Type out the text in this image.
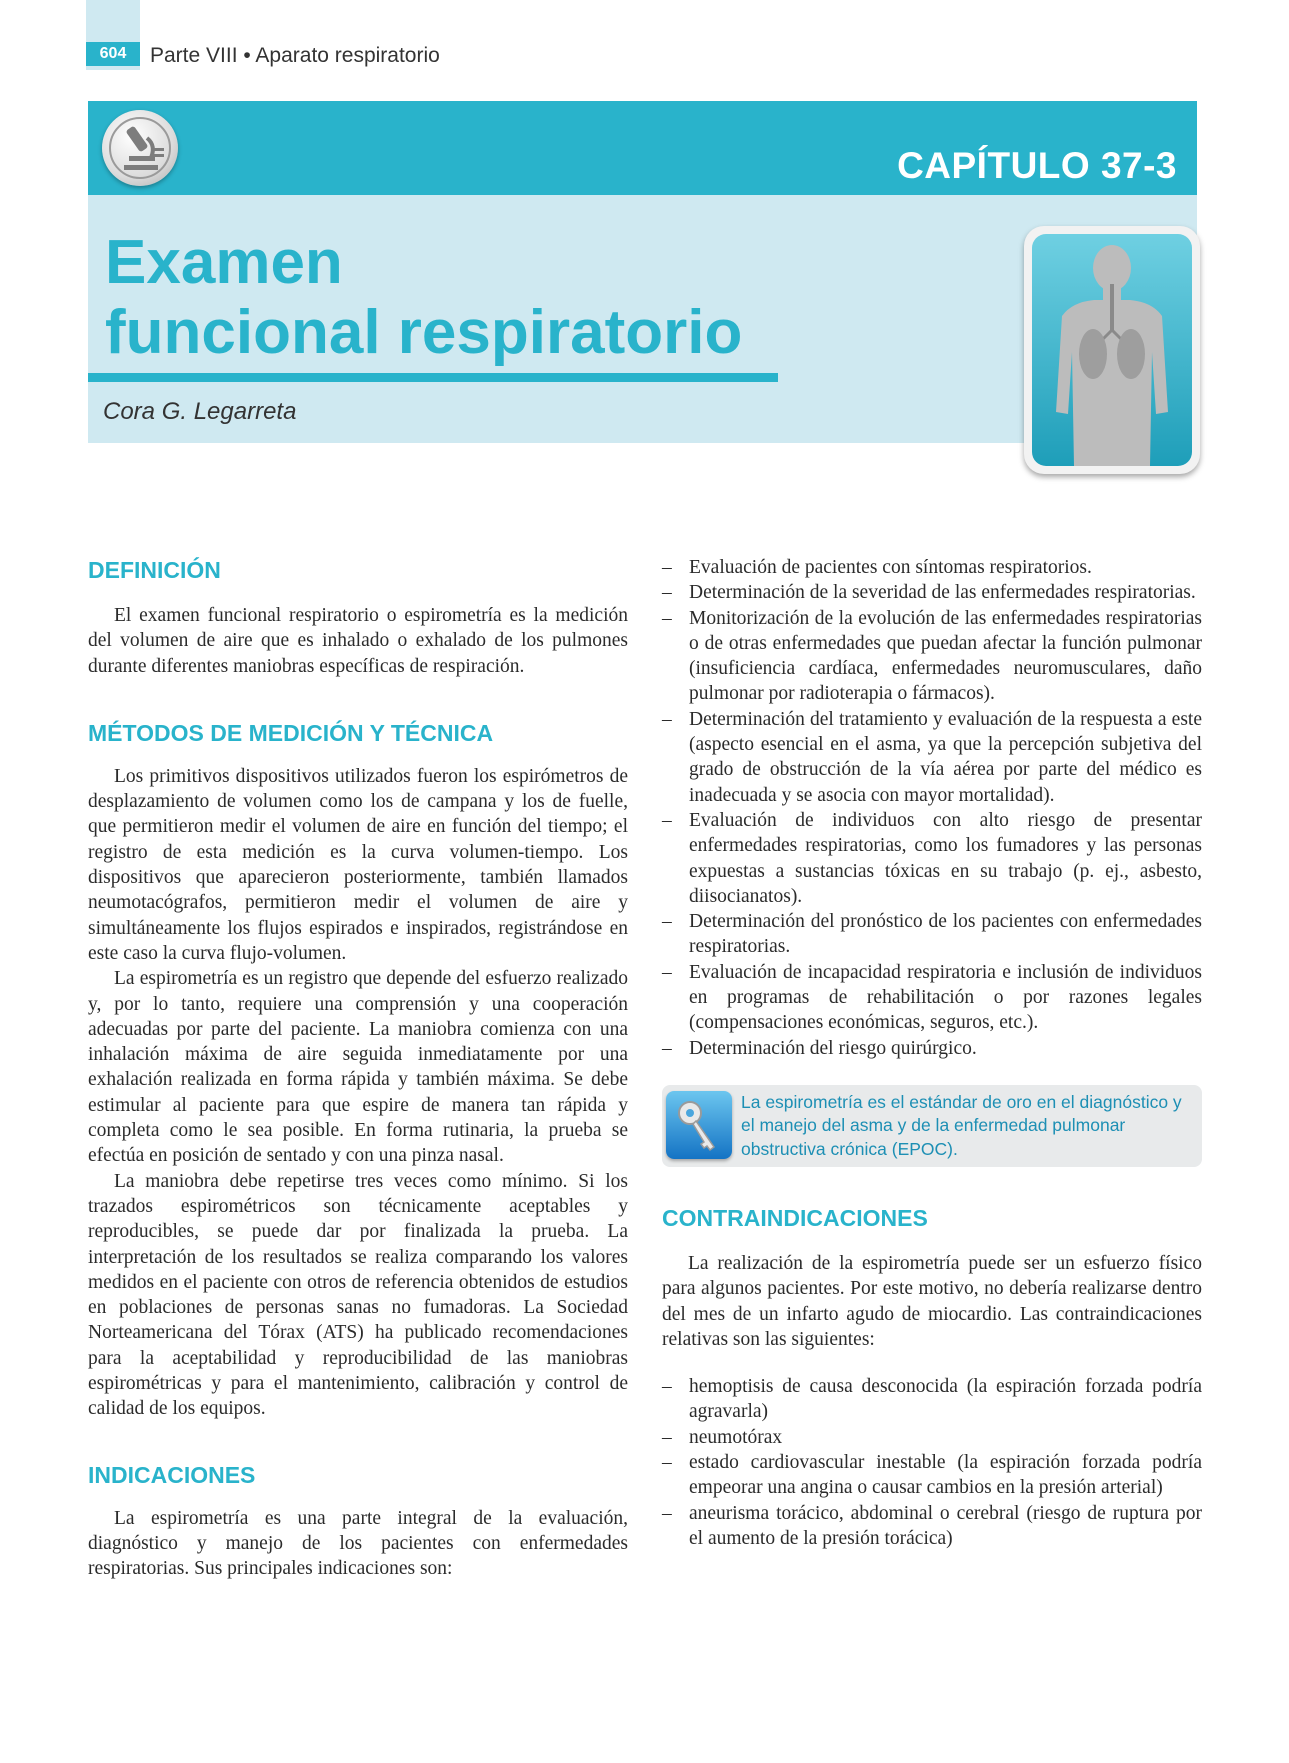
604	Parte VIII • Aparato respiratorio
CAPÍTULO 37-3
Examen
funcional respiratorio
Cora G. Legarreta
DEFINICIÓN

El examen funcional respiratorio o espirometría es la medición del volumen de aire que es inhalado o exhalado de los pulmones durante diferentes maniobras específicas de respiración.

MÉTODOS DE MEDICIÓN Y TÉCNICA

Los primitivos dispositivos utilizados fueron los espirómetros de desplazamiento de volumen como los de campana y los de fuelle, que permitieron medir el volumen de aire en función del tiempo; el registro de esta medición es la curva volumen-tiempo. Los dispositivos que aparecieron posteriormente, también llamados neumotacógrafos, permitieron medir el volumen de aire y simultáneamente los flujos espirados e inspirados, registrándose en este caso la curva flujo-volumen.

La espirometría es un registro que depende del esfuerzo realizado y, por lo tanto, requiere una comprensión y una cooperación adecuadas por parte del paciente. La maniobra comienza con una inhalación máxima de aire seguida inmediatamente por una exhalación realizada en forma rápida y también máxima. Se debe estimular al paciente para que espire de manera tan rápida y completa como le sea posible. En forma rutinaria, la prueba se efectúa en posición de sentado y con una pinza nasal.

La maniobra debe repetirse tres veces como mínimo. Si los trazados espirométricos son técnicamente aceptables y reproducibles, se puede dar por finalizada la prueba. La interpretación de los resultados se realiza comparando los valores medidos en el paciente con otros de referencia obtenidos de estudios en poblaciones de personas sanas no fumadoras. La Sociedad Norteamericana del Tórax (ATS) ha publicado recomendaciones para la aceptabilidad y reproducibilidad de las maniobras espirométricas y para el mantenimiento, calibración y control de calidad de los equipos.

INDICACIONES

La espirometría es una parte integral de la evaluación, diagnóstico y manejo de los pacientes con enfermedades respiratorias. Sus principales indicaciones son:

– Evaluación de pacientes con síntomas respiratorios.
– Determinación de la severidad de las enfermedades respiratorias.
– Monitorización de la evolución de las enfermedades respiratorias o de otras enfermedades que puedan afectar la función pulmonar (insuficiencia cardíaca, enfermedades neuromusculares, daño pulmonar por radioterapia o fármacos).
– Determinación del tratamiento y evaluación de la respuesta a este (aspecto esencial en el asma, ya que la percepción subjetiva del grado de obstrucción de la vía aérea por parte del médico es inadecuada y se asocia con mayor mortalidad).
– Evaluación de individuos con alto riesgo de presentar enfermedades respiratorias, como los fumadores y las personas expuestas a sustancias tóxicas en su trabajo (p. ej., asbesto, diisocianatos).
– Determinación del pronóstico de los pacientes con enfermedades respiratorias.
– Evaluación de incapacidad respiratoria e inclusión de individuos en programas de rehabilitación o por razones legales (compensaciones económicas, seguros, etc.).
– Determinación del riesgo quirúrgico.
La espirometría es el estándar de oro en el diagnóstico y el manejo del asma y de la enfermedad pulmonar obstructiva crónica (EPOC).
CONTRAINDICACIONES

La realización de la espirometría puede ser un esfuerzo físico para algunos pacientes. Por este motivo, no debería realizarse dentro del mes de un infarto agudo de miocardio. Las contraindicaciones relativas son las siguientes:

– hemoptisis de causa desconocida (la espiración forzada podría agravarla)
– neumotórax
– estado cardiovascular inestable (la espiración forzada podría empeorar una angina o causar cambios en la presión arterial)
– aneurisma torácico, abdominal o cerebral (riesgo de ruptura por el aumento de la presión torácica)
